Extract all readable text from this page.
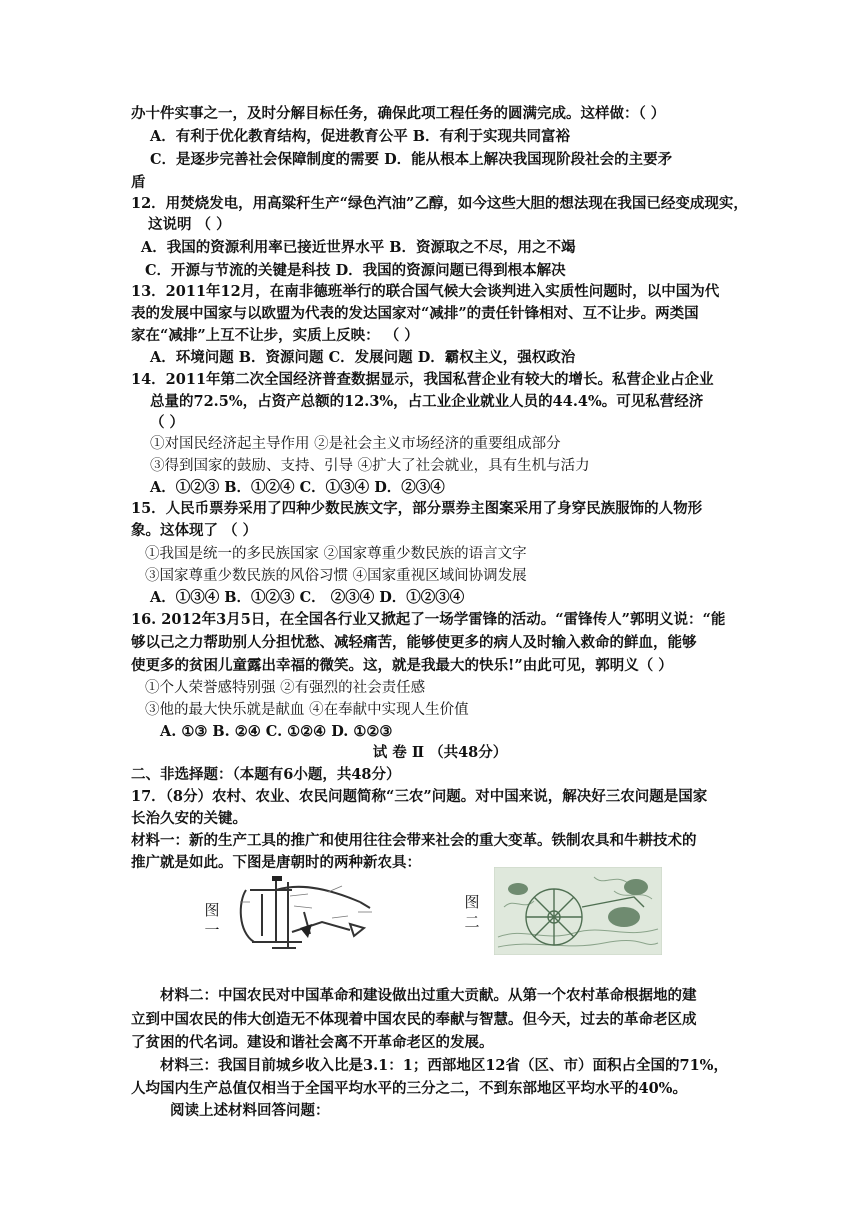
办十件实事之一，及时分解目标任务，确保此项工程任务的圆满完成。这样做：（ ）
A．有利于优化教育结构，促进教育公平 B．有利于实现共同富裕
C．是逐步完善社会保障制度的需要 D．能从根本上解决我国现阶段社会的主要矛
盾
12．用焚烧发电，用高粱秆生产“绿色汽油”乙醇，如今这些大胆的想法现在我国已经变成现实，
这说明 （ ）
A．我国的资源利用率已接近世界水平 B．资源取之不尽，用之不竭
C．开源与节流的关键是科技 D．我国的资源问题已得到根本解决
13．2011年12月，在南非德班举行的联合国气候大会谈判进入实质性问题时，以中国为代
表的发展中国家与以欧盟为代表的发达国家对“减排”的责任针锋相对、互不让步。两类国
家在“减排”上互不让步，实质上反映： （ ）
A．环境问题 B．资源问题 C．发展问题 D．霸权主义，强权政治
14．2011年第二次全国经济普查数据显示，我国私营企业有较大的增长。私营企业占企业
总量的72.5%，占资产总额的12.3%，占工业企业就业人员的44.4%。可见私营经济
（ ）
①对国民经济起主导作用 ②是社会主义市场经济的重要组成部分
③得到国家的鼓励、支持、引导 ④扩大了社会就业，具有生机与活力
A．①②③ B．①②④ C．①③④ D．②③④
15．人民币票券采用了四种少数民族文字，部分票券主图案采用了身穿民族服饰的人物形
象。这体现了 （ ）
①我国是统一的多民族国家 ②国家尊重少数民族的语言文字
③国家尊重少数民族的风俗习惯 ④国家重视区域间协调发展
A．①③④ B．①②③ C． ②③④ D．①②③④
16. 2012年3月5日，在全国各行业又掀起了一场学雷锋的活动。“雷锋传人”郭明义说：“能
够以己之力帮助别人分担忧愁、减轻痛苦，能够使更多的病人及时输入救命的鲜血，能够
使更多的贫困儿童露出幸福的微笑。这，就是我最大的快乐!”由此可见，郭明义（ ）
①个人荣誉感特别强 ②有强烈的社会责任感
③他的最大快乐就是献血 ④在奉献中实现人生价值
A. ①③ B. ②④ C. ①②④ D. ①②③
试 卷 Ⅱ （共48分）
二、非选择题：（本题有6小题，共48分）
17．（8分）农村、农业、农民问题简称“三农”问题。对中国来说，解决好三农问题是国家
长治久安的关键。
材料一：新的生产工具的推广和使用往往会带来社会的重大变革。铁制农具和牛耕技术的
推广就是如此。下图是唐朝时的两种新农具：
图一
图二
材料二：中国农民对中国革命和建设做出过重大贡献。从第一个农村革命根据地的建
立到中国农民的伟大创造无不体现着中国农民的奉献与智慧。但今天，过去的革命老区成
了贫困的代名词。建设和谐社会离不开革命老区的发展。
材料三：我国目前城乡收入比是3.1：1；西部地区12省（区、市）面积占全国的71%，
人均国内生产总值仅相当于全国平均水平的三分之二，不到东部地区平均水平的40%。
阅读上述材料回答问题：
